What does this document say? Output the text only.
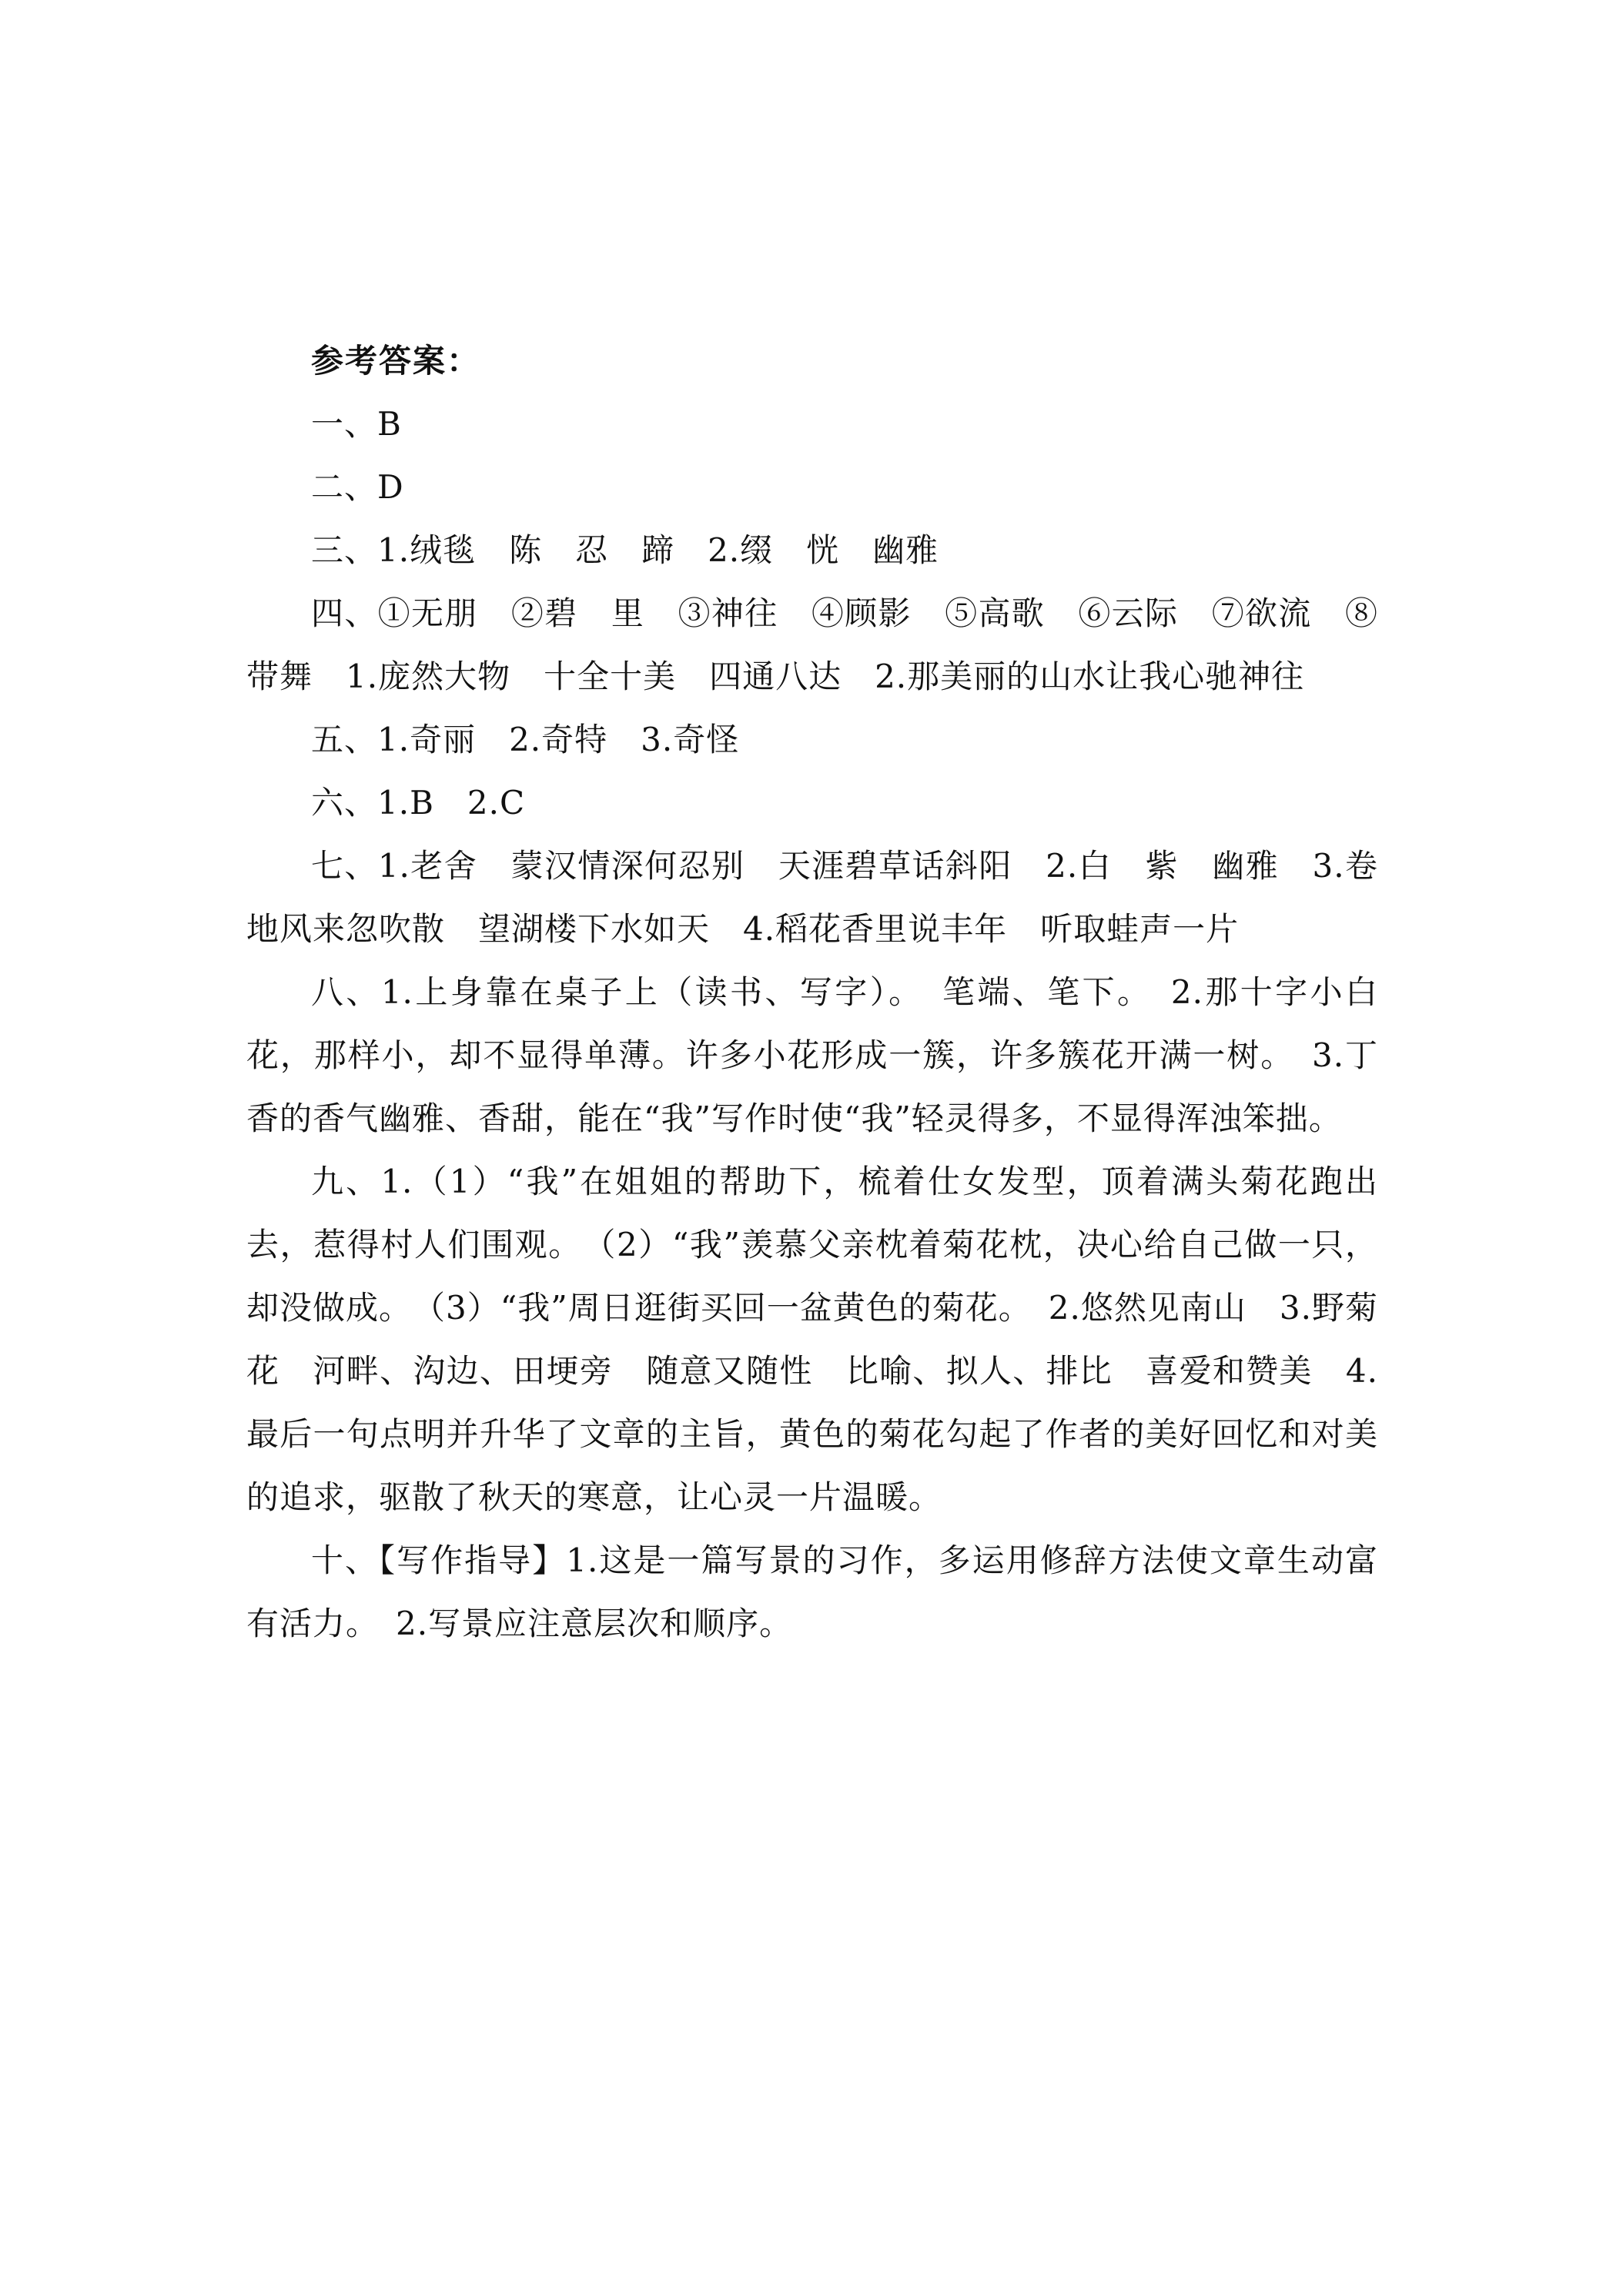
参考答案：

一、B

二、D

三、1.绒毯　陈　忍　蹄　2.缀　恍　幽雅

四、①无朋　②碧　里　③神往　④顾影　⑤高歌　⑥云际　⑦欲流　⑧带舞　1.庞然大物　十全十美　四通八达　2.那美丽的山水让我心驰神往

五、1.奇丽　2.奇特　3.奇怪

六、1.B　2.C

七、1.老舍　蒙汉情深何忍别　天涯碧草话斜阳　2.白　紫　幽雅　3.卷地风来忽吹散　望湖楼下水如天　4.稻花香里说丰年　听取蛙声一片

八、1.上身靠在桌子上（读书、写字）。　笔端、笔下。　2.那十字小白花，那样小，却不显得单薄。许多小花形成一簇，许多簇花开满一树。　3.丁香的香气幽雅、香甜，能在“我”写作时使“我”轻灵得多，不显得浑浊笨拙。

九、1.（1）“我”在姐姐的帮助下，梳着仕女发型，顶着满头菊花跑出去，惹得村人们围观。　（2）“我”羡慕父亲枕着菊花枕，决心给自己做一只，却没做成。　（3）“我”周日逛街买回一盆黄色的菊花。　2.悠然见南山　3.野菊花　河畔、沟边、田埂旁　随意又随性　比喻、拟人、排比　喜爱和赞美　4.最后一句点明并升华了文章的主旨，黄色的菊花勾起了作者的美好回忆和对美的追求，驱散了秋天的寒意，让心灵一片温暖。

十、【写作指导】1.这是一篇写景的习作，多运用修辞方法使文章生动富有活力。　2.写景应注意层次和顺序。
